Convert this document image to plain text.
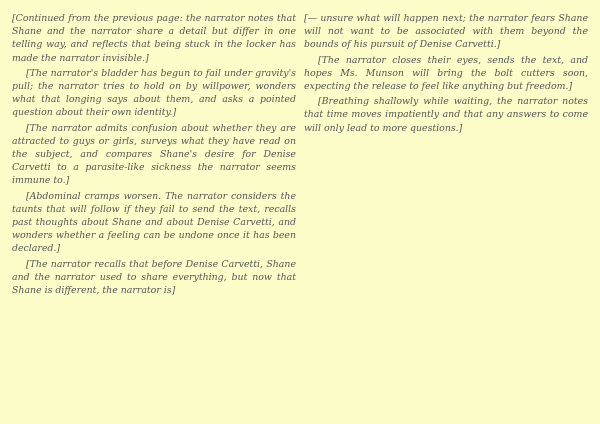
[Continued from the previous page: the narrator notes that Shane and the narrator share a detail but differ in one telling way, and reflects that being stuck in the locker has made the narrator invisible.]

[The narrator's bladder has begun to fail under gravity's pull; the narrator tries to hold on by willpower, wonders what that longing says about them, and asks a pointed question about their own identity.]

[The narrator admits confusion about whether they are attracted to guys or girls, surveys what they have read on the subject, and compares Shane's desire for Denise Carvetti to a parasite-like sickness the narrator seems immune to.]

[Abdominal cramps worsen. The narrator considers the taunts that will follow if they fail to send the text, recalls past thoughts about Shane and about Denise Carvetti, and wonders whether a feeling can be undone once it has been declared.]

[The narrator recalls that before Denise Carvetti, Shane and the narrator used to share everything, but now that Shane is different, the narrator is]

[— unsure what will happen next; the narrator fears Shane will not want to be associated with them beyond the bounds of his pursuit of Denise Carvetti.]

[The narrator closes their eyes, sends the text, and hopes Ms. Munson will bring the bolt cutters soon, expecting the release to feel like anything but freedom.]

[Breathing shallowly while waiting, the narrator notes that time moves impatiently and that any answers to come will only lead to more questions.]
